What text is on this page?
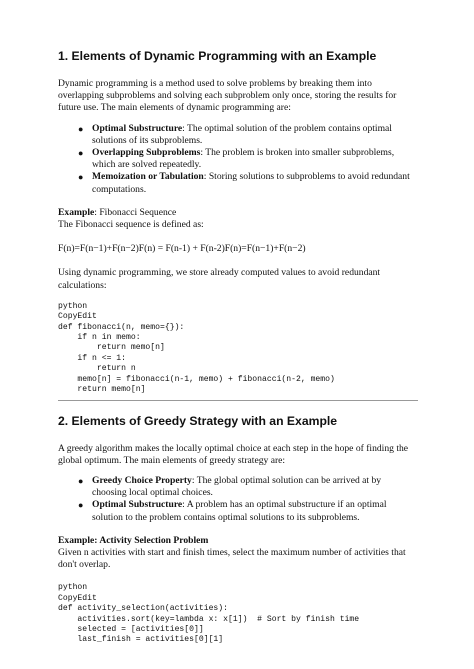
1. Elements of Dynamic Programming with an Example

Dynamic programming is a method used to solve problems by breaking them into overlapping subproblems and solving each subproblem only once, storing the results for future use. The main elements of dynamic programming are:

● Optimal Substructure: The optimal solution of the problem contains optimal solutions of its subproblems.
● Overlapping Subproblems: The problem is broken into smaller subproblems, which are solved repeatedly.
● Memoization or Tabulation: Storing solutions to subproblems to avoid redundant computations.

Example: Fibonacci Sequence

The Fibonacci sequence is defined as:

F(n)=F(n−1)+F(n−2)F(n) = F(n-1) + F(n-2)F(n)=F(n−1)+F(n−2)

Using dynamic programming, we store already computed values to avoid redundant calculations:

python
CopyEdit
def fibonacci(n, memo={}):
if n in memo:
return memo[n]
if n <= 1:
return n
memo[n] = fibonacci(n-1, memo) + fibonacci(n-2, memo)
return memo[n]
2. Elements of Greedy Strategy with an Example

A greedy algorithm makes the locally optimal choice at each step in the hope of finding the global optimum. The main elements of greedy strategy are:

● Greedy Choice Property: The global optimal solution can be arrived at by choosing local optimal choices.
● Optimal Substructure: A problem has an optimal substructure if an optimal solution to the problem contains optimal solutions to its subproblems.

Example: Activity Selection Problem

Given n activities with start and finish times, select the maximum number of activities that don't overlap.

python
CopyEdit
def activity_selection(activities):
activities.sort(key=lambda x: x[1])  # Sort by finish time
selected = [activities[0]]
last_finish = activities[0][1]
